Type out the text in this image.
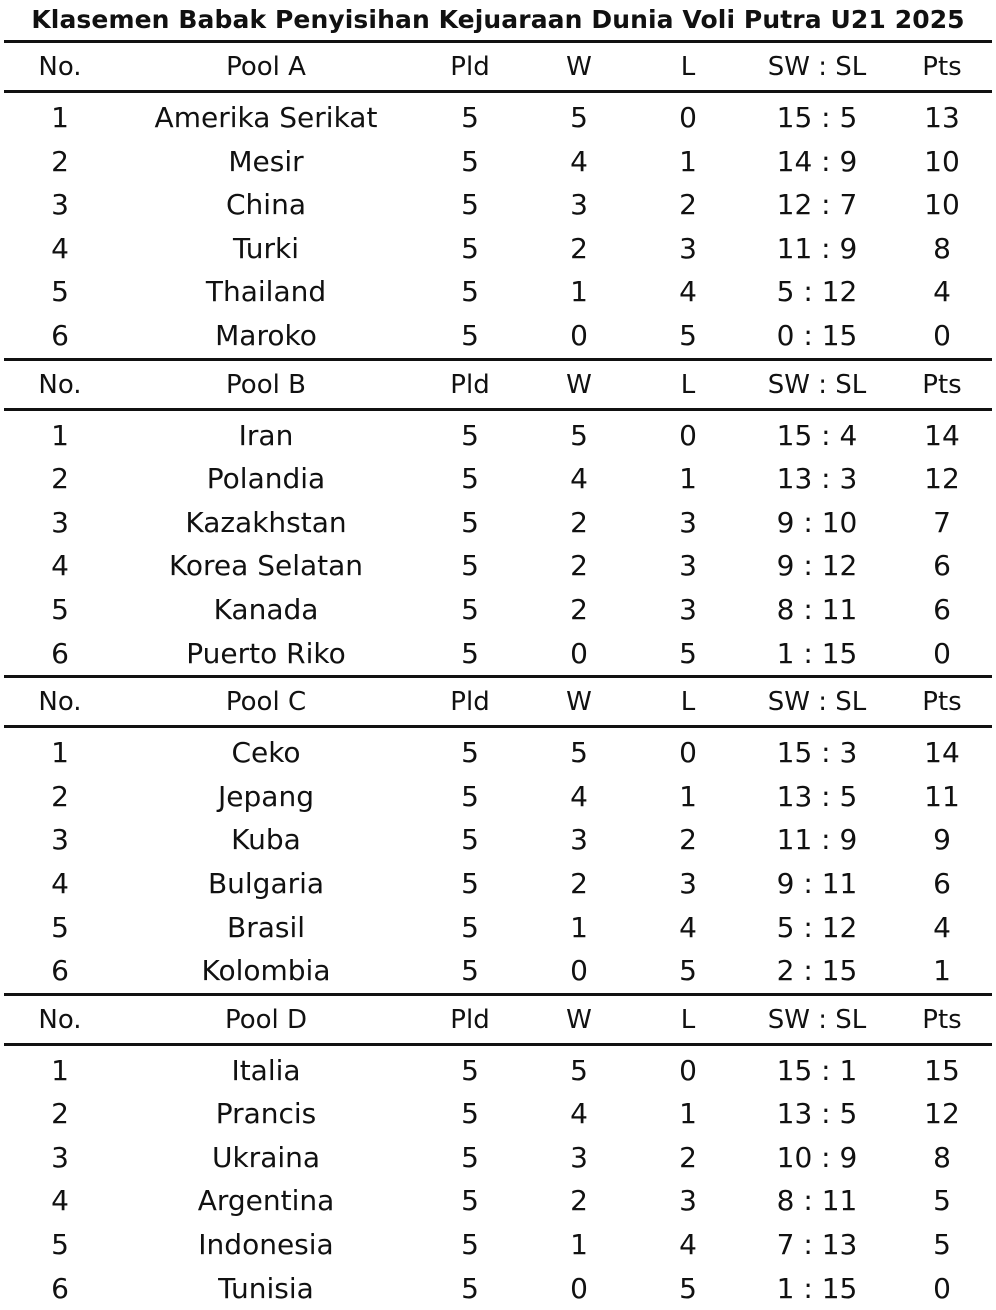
Klasemen Babak Penyisihan Kejuaraan Dunia Voli Putra U21 2025
No.	Pool A	Pld	W	L	SW : SL	Pts
1	Amerika Serikat	5	5	0	15 : 5	13
2	Mesir	5	4	1	14 : 9	10
3	China	5	3	2	12 : 7	10
4	Turki	5	2	3	11 : 9	8
5	Thailand	5	1	4	5 : 12	4
6	Maroko	5	0	5	0 : 15	0
No.	Pool B	Pld	W	L	SW : SL	Pts
1	Iran	5	5	0	15 : 4	14
2	Polandia	5	4	1	13 : 3	12
3	Kazakhstan	5	2	3	9 : 10	7
4	Korea Selatan	5	2	3	9 : 12	6
5	Kanada	5	2	3	8 : 11	6
6	Puerto Riko	5	0	5	1 : 15	0
No.	Pool C	Pld	W	L	SW : SL	Pts
1	Ceko	5	5	0	15 : 3	14
2	Jepang	5	4	1	13 : 5	11
3	Kuba	5	3	2	11 : 9	9
4	Bulgaria	5	2	3	9 : 11	6
5	Brasil	5	1	4	5 : 12	4
6	Kolombia	5	0	5	2 : 15	1
No.	Pool D	Pld	W	L	SW : SL	Pts
1	Italia	5	5	0	15 : 1	15
2	Prancis	5	4	1	13 : 5	12
3	Ukraina	5	3	2	10 : 9	8
4	Argentina	5	2	3	8 : 11	5
5	Indonesia	5	1	4	7 : 13	5
6	Tunisia	5	0	5	1 : 15	0
